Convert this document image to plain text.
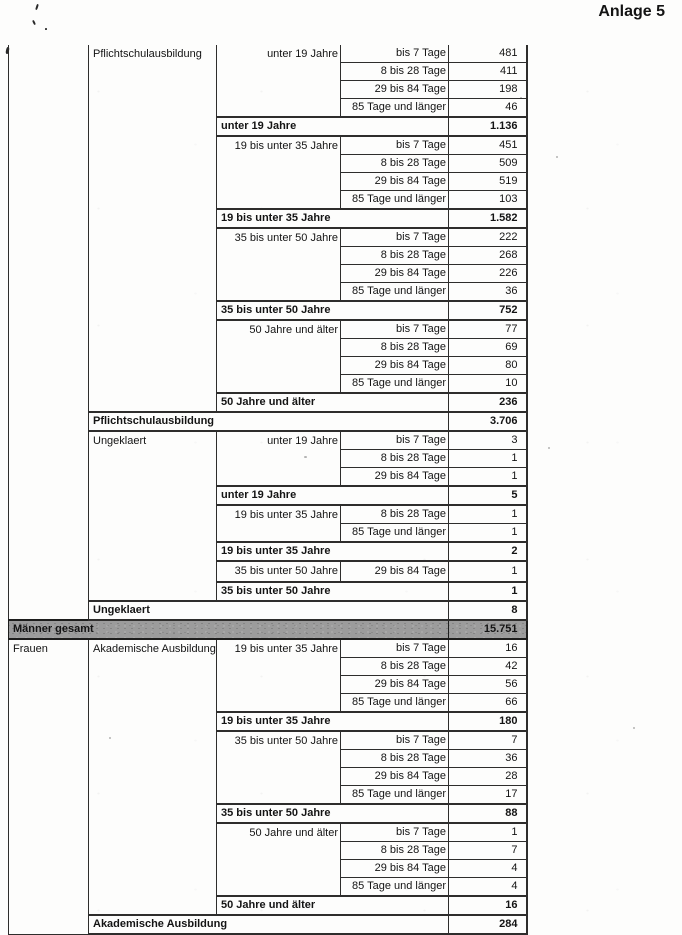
Anlage 5
	Pflichtschulausbildung	unter 19 Jahre	bis 7 Tage	481
			8 bis 28 Tage	411
			29 bis 84 Tage	198
			85 Tage und länger	46
		unter 19 Jahre		1.136
		19 bis unter 35 Jahre	bis 7 Tage	451
			8 bis 28 Tage	509
			29 bis 84 Tage	519
			85 Tage und länger	103
		19 bis unter 35 Jahre		1.582
		35 bis unter 50 Jahre	bis 7 Tage	222
			8 bis 28 Tage	268
			29 bis 84 Tage	226
			85 Tage und länger	36
		35 bis unter 50 Jahre		752
		50 Jahre und älter	bis 7 Tage	77
			8 bis 28 Tage	69
			29 bis 84 Tage	80
			85 Tage und länger	10
		50 Jahre und älter		236
	Pflichtschulausbildung			3.706
	Ungeklaert	unter 19 Jahre	bis 7 Tage	3
			8 bis 28 Tage	1
			29 bis 84 Tage	1
		unter 19 Jahre		5
		19 bis unter 35 Jahre	8 bis 28 Tage	1
			85 Tage und länger	1
		19 bis unter 35 Jahre		2
		35 bis unter 50 Jahre	29 bis 84 Tage	1
		35 bis unter 50 Jahre		1
	Ungeklaert			8
Männer gesamt				15.751
Frauen	Akademische Ausbildung	19 bis unter 35 Jahre	bis 7 Tage	16
			8 bis 28 Tage	42
			29 bis 84 Tage	56
			85 Tage und länger	66
		19 bis unter 35 Jahre		180
		35 bis unter 50 Jahre	bis 7 Tage	7
			8 bis 28 Tage	36
			29 bis 84 Tage	28
			85 Tage und länger	17
		35 bis unter 50 Jahre		88
		50 Jahre und älter	bis 7 Tage	1
			8 bis 28 Tage	7
			29 bis 84 Tage	4
			85 Tage und länger	4
		50 Jahre und älter		16
	Akademische Ausbildung			284
